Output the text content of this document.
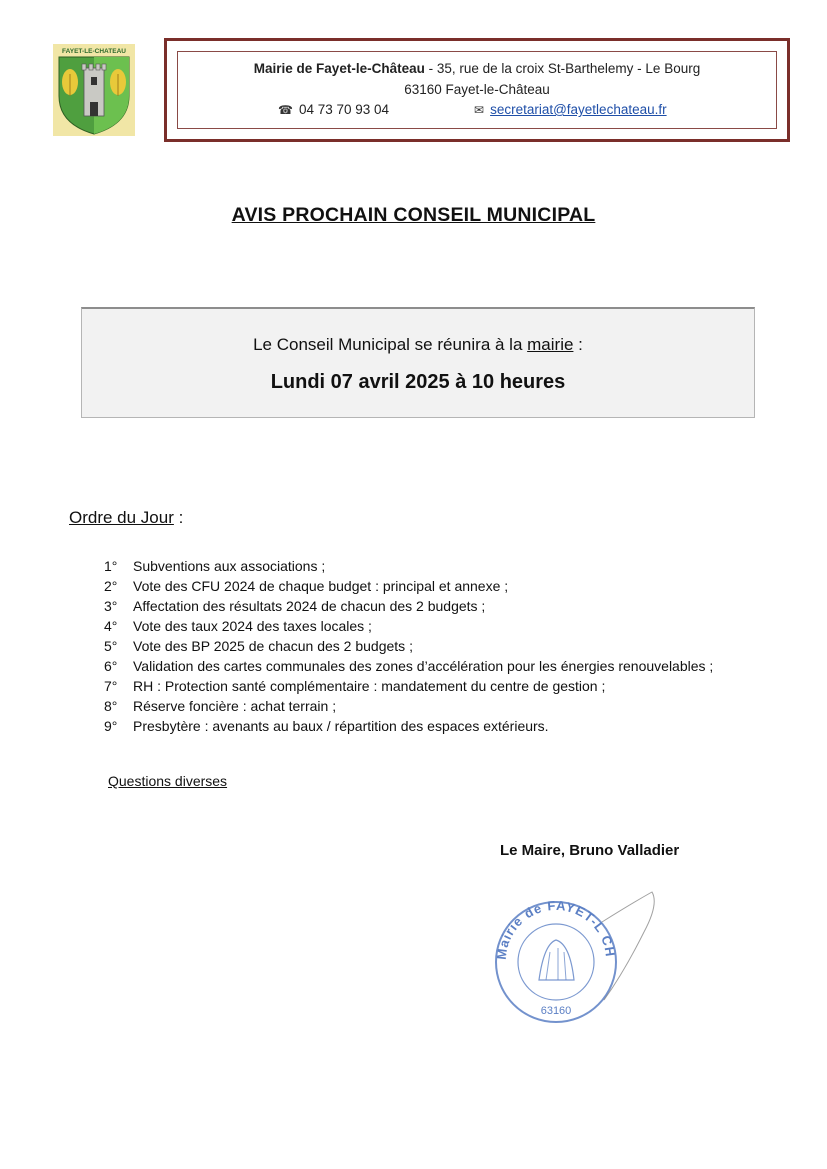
FAYET-LE-CHATEAU
Mairie de Fayet-le-Château - 35, rue de la croix St-Barthelemy - Le Bourg
63160 Fayet-le-Château
☎ 04 73 70 93 04	✉ secretariat@fayetlechateau.fr
AVIS PROCHAIN CONSEIL MUNICIPAL
Le Conseil Municipal se réunira à la mairie :
Lundi 07 avril 2025 à 10 heures
Ordre du Jour :
1°	Subventions aux associations ;
2°	Vote des CFU 2024 de chaque budget : principal et annexe ;
3°	Affectation des résultats 2024 de chacun des 2 budgets ;
4°	Vote des taux 2024 des taxes locales ;
5°	Vote des BP 2025 de chacun des 2 budgets ;
6°	Validation des cartes communales des zones d’accélération pour les énergies renouvelables ;
7°	RH : Protection santé complémentaire : mandatement du centre de gestion ;
8°	Réserve foncière : achat terrain ;
9°	Presbytère : avenants au baux / répartition des espaces extérieurs.
Questions diverses
Le Maire, Bruno Valladier
Mairie de FAYET-L CH
63160
